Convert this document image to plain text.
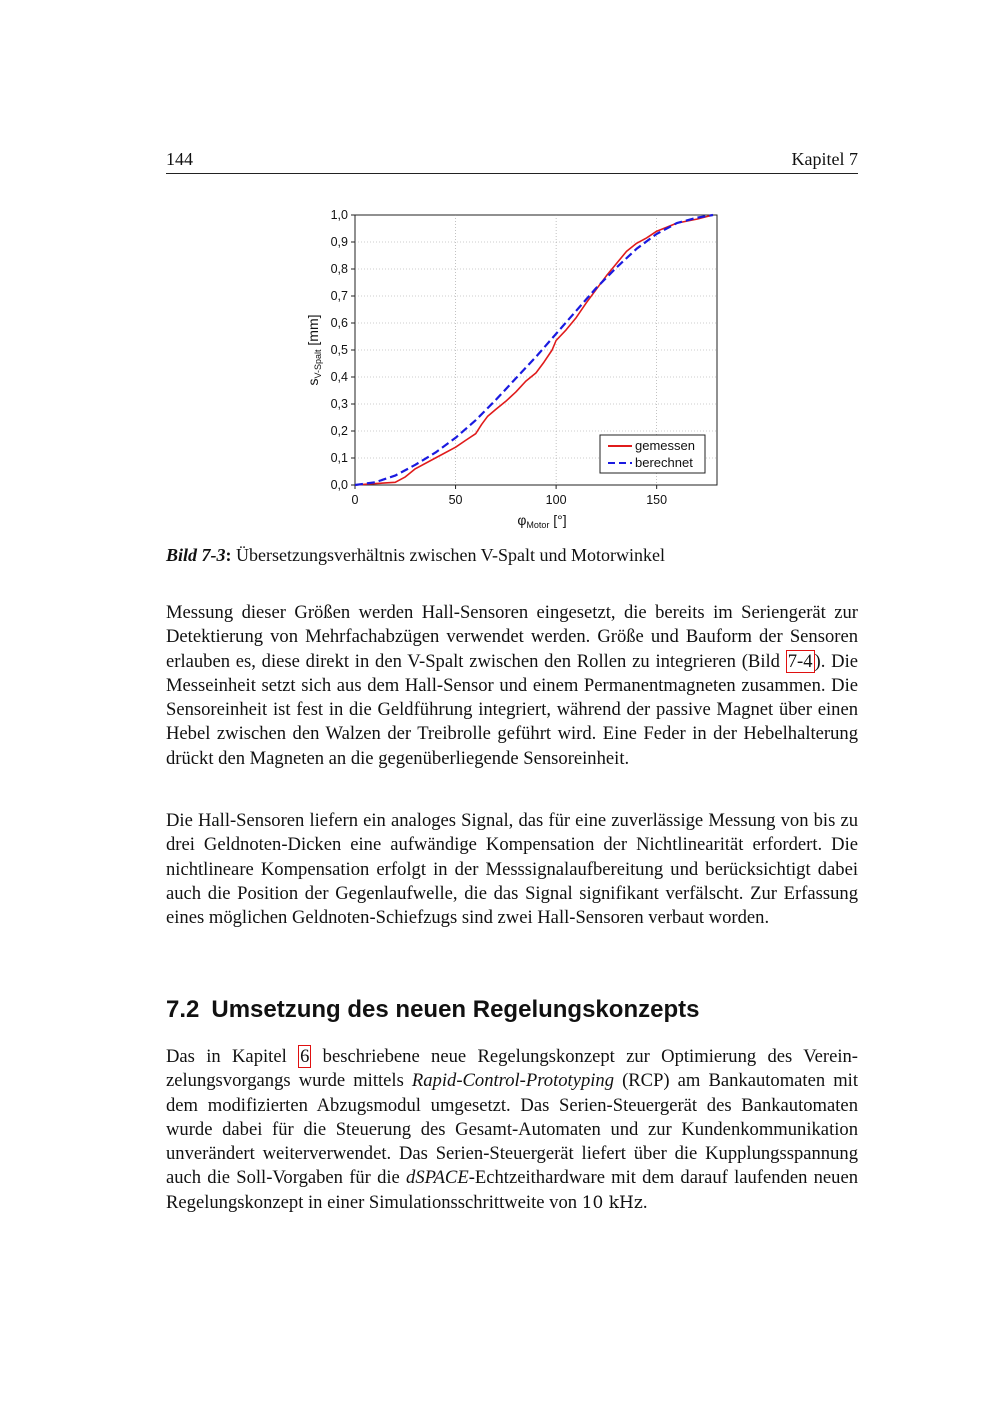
144	Kapitel 7
0,0
0,1
0,2
0,3
0,4
0,5
0,6
0,7
0,8
0,9
1,0
0	50	100	150
$\varphi_{Motor}$ [°]
$s_{V-Spalt}$ [mm]
gemessen
berechnet
Bild 7-3: Übersetzungsverhältnis zwischen V-Spalt und Motorwinkel

Messung dieser Größen werden Hall-Sensoren eingesetzt, die bereits im Seriengerät zur Detektierung von Mehrfachabzügen verwendet werden. Größe und Bauform der Sensoren erlauben es, diese direkt in den V-Spalt zwischen den Rollen zu integrieren (Bild 7-4 ). Die Messeinheit setzt sich aus dem Hall-Sensor und einem Permanentmagneten zusammen. Die Sensoreinheit ist fest in die Geldführung integriert, während der passive Magnet über einen Hebel zwischen den Walzen der Treibrolle geführt wird. Eine Feder in der Hebelhalterung drückt den Magneten an die gegenüberliegende Sensoreinheit.

Die Hall-Sensoren liefern ein analoges Signal, das für eine zuverlässige Messung von bis zu drei Geldnoten-Dicken eine aufwändige Kompensation der Nichtlinearität erfordert. Die nichtlineare Kompensation erfolgt in der Messsignalaufbereitung und berücksichtigt dabei auch die Position der Gegenlaufwelle, die das Signal signifikant verfälscht. Zur Erfassung eines möglichen Geldnoten-Schiefzugs sind zwei Hall-Sensoren verbaut worden.

7.2 Umsetzung des neuen Regelungskonzepts

Das in Kapitel 6 beschriebene neue Regelungskonzept zur Optimierung des Vereinzelungsvorgangs wurde mittels Rapid-Control-Prototyping (RCP) am Bankautomaten mit dem modifizierten Abzugsmodul umgesetzt. Das Serien-Steuergerät des Bankautomaten wurde dabei für die Steuerung des Gesamt-Automaten und zur Kundenkommunikation unverändert weiterverwendet. Das Serien-Steuergerät liefert über die Kupplungsspannung auch die Soll-Vorgaben für die dSPACE-Echtzeithardware mit dem darauf laufenden neuen Regelungskonzept in einer Simulationsschrittweite von 10 kHz.
